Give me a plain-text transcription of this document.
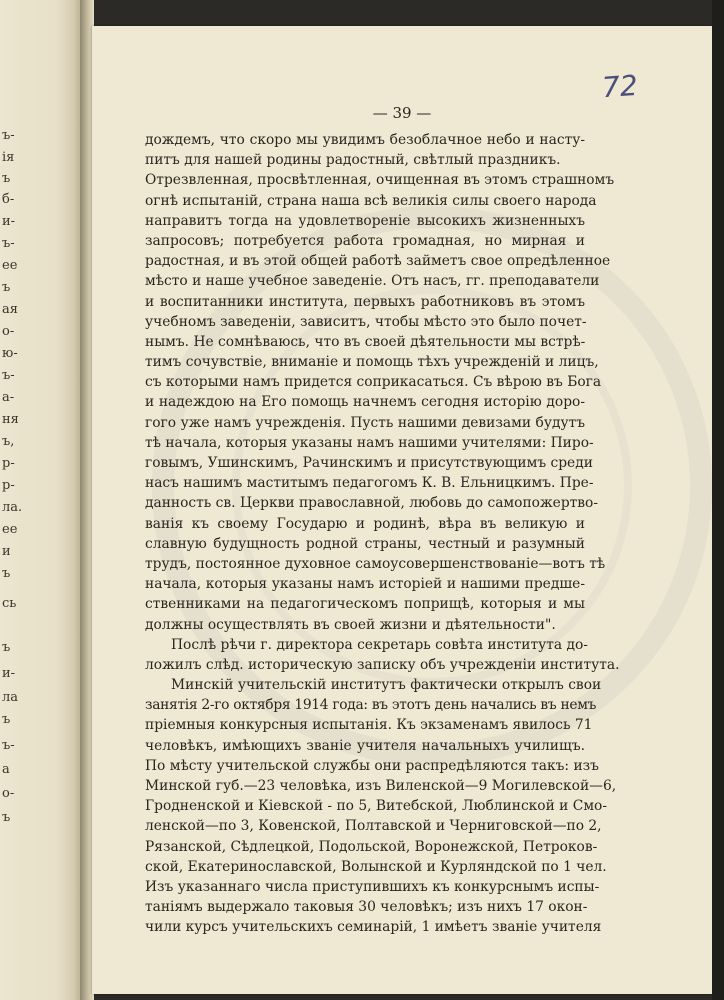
ъ-
ія
ъ
б-
и-
ъ-
ее
ъ
ая
о-
ю-
ъ-
а-
ня
ъ,
р-
р-
ла.
ее
и
ъ
сь
ъ
и-
ла
ъ
ъ-
а
о-
ъ
72
— 39 —
дождемъ, что скоро мы увидимъ безоблачное небо и насту-
питъ для нашей родины радостный, свѣтлый праздникъ.
Отрезвленная, просвѣтленная, очищенная въ этомъ страшномъ
огнѣ испытаній, страна наша всѣ великія силы своего народа
направитъ тогда на удовлетвореніе высокихъ жизненныхъ
запросовъ; потребуется работа громадная, но мирная и
радостная, и въ этой общей работѣ займетъ свое опредѣленное
мѣсто и наше учебное заведеніе. Отъ насъ, гг. преподаватели
и воспитанники института, первыхъ работниковъ въ этомъ
учебномъ заведеніи, зависитъ, чтобы мѣсто это было почет-
нымъ. Не сомнѣваюсь, что въ своей дѣятельности мы встрѣ-
тимъ сочувствіе, вниманіе и помощь тѣхъ учрежденій и лицъ,
съ которыми намъ придется соприкасаться. Съ вѣрою въ Бога
и надеждою на Его помощь начнемъ сегодня исторію доро-
гого уже намъ учрежденія. Пусть нашими девизами будутъ
тѣ начала, которыя указаны намъ нашими учителями: Пиро-
говымъ, Ушинскимъ, Рачинскимъ и присутствующимъ среди
насъ нашимъ маститымъ педагогомъ К. В. Ельницкимъ. Пре-
данность св. Церкви православной, любовь до самопожертво-
ванія къ своему Государю и родинѣ, вѣра въ великую и
славную будущность родной страны, честный и разумный
трудъ, постоянное духовное самоусовершенствованіе—вотъ тѣ
начала, которыя указаны намъ исторіей и нашими предше-
ственниками на педагогическомъ поприщѣ, которыя и мы
должны осуществлять въ своей жизни и дѣятельности".
Послѣ рѣчи г. директора секретарь совѣта института до-
ложилъ слѣд. историческую записку объ учрежденіи института.
Минскій учительскій институтъ фактически открылъ свои
занятія 2-го октября 1914 года: въ этотъ день начались въ немъ
пріемныя конкурсныя испытанія. Къ экзаменамъ явилось 71
человѣкъ, имѣющихъ званіе учителя начальныхъ училищъ.
По мѣсту учительской службы они распредѣляются такъ: изъ
Минской губ.—23 человѣка, изъ Виленской—9 Могилевской—6,
Гродненской и Кіевской - по 5, Витебской, Люблинской и Смо-
ленской—по 3, Ковенской, Полтавской и Черниговской—по 2,
Рязанской, Сѣдлецкой, Подольской, Воронежской, Петроков-
ской, Екатеринославской, Волынской и Курляндской по 1 чел.
Изъ указаннаго числа приступившихъ къ конкурснымъ испы-
таніямъ выдержало таковыя 30 человѣкъ; изъ нихъ 17 окон-
чили курсъ учительскихъ семинарій, 1 имѣетъ званіе учителя
